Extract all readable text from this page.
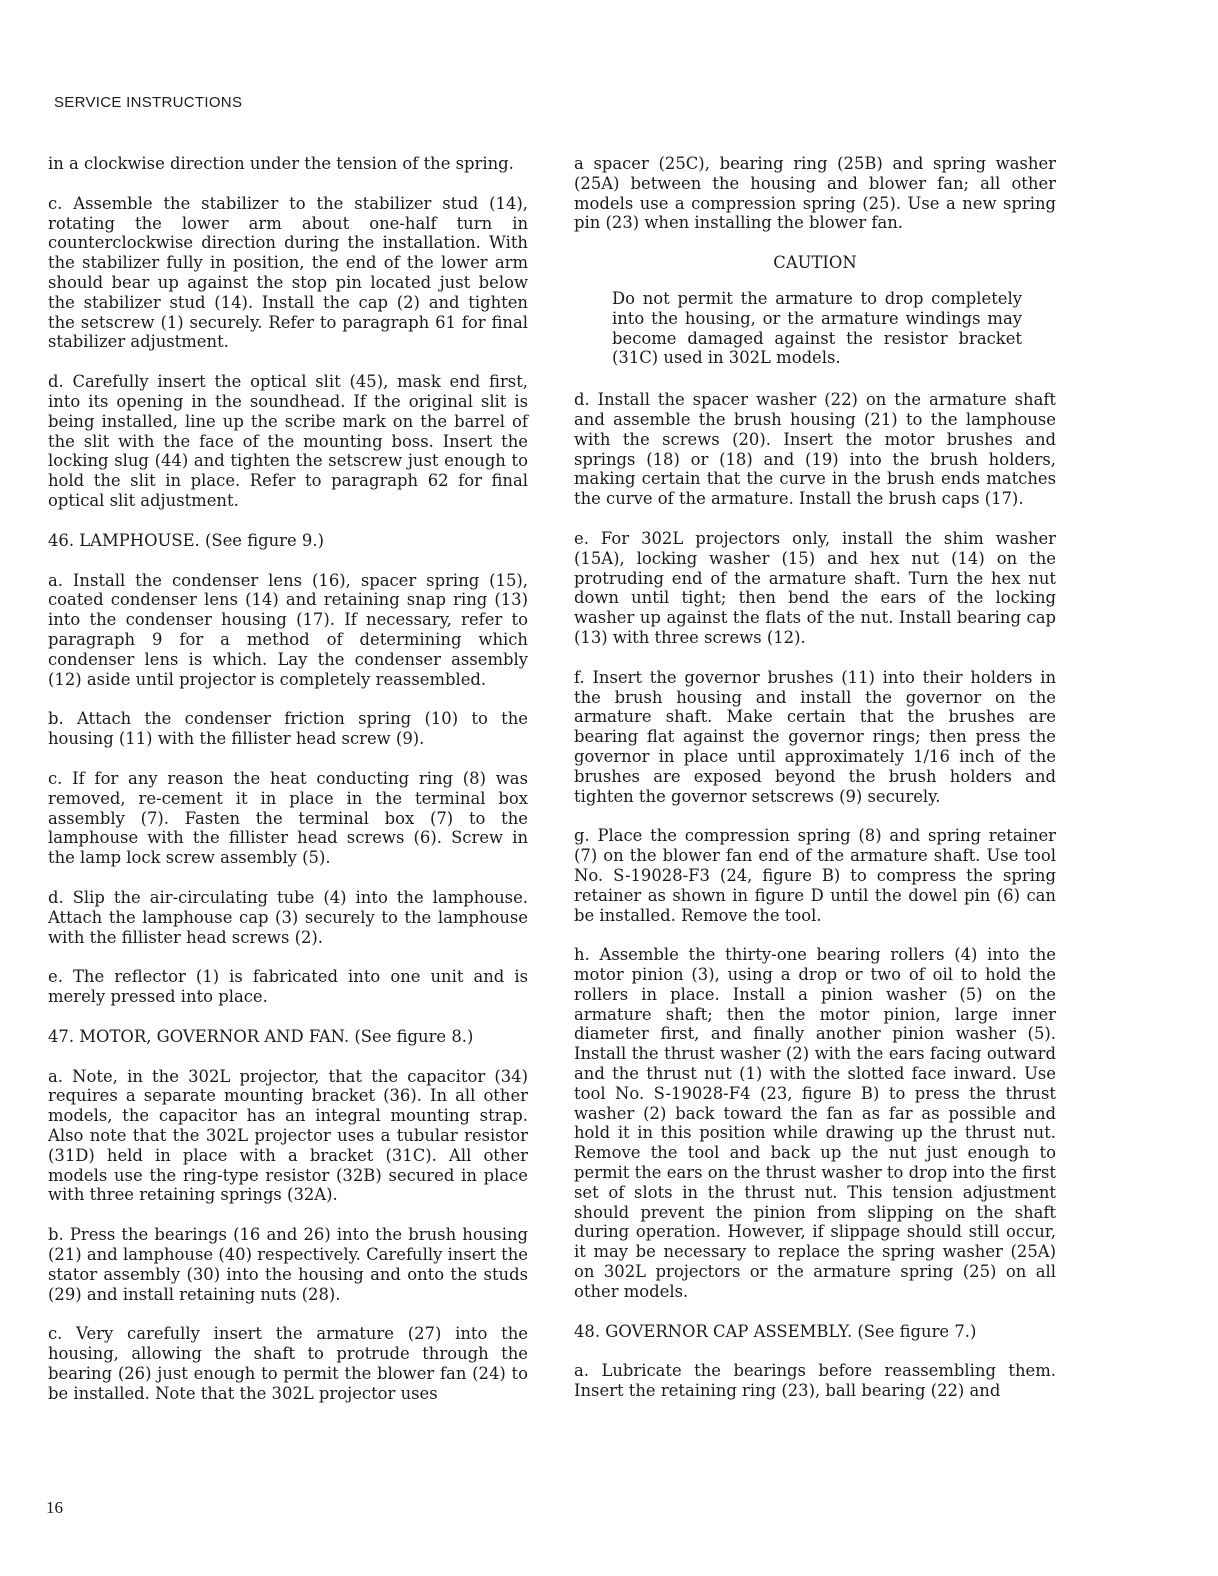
SERVICE INSTRUCTIONS

in a clockwise direction under the tension of the spring.

c. Assemble the stabilizer to the stabilizer stud (14), rotating the lower arm about one-half turn in counterclockwise direction during the installation. With the stabilizer fully in position, the end of the lower arm should bear up against the stop pin located just below the stabilizer stud (14). Install the cap (2) and tighten the setscrew (1) securely. Refer to paragraph 61 for final stabilizer adjustment.

d. Carefully insert the optical slit (45), mask end first, into its opening in the soundhead. If the original slit is being installed, line up the scribe mark on the barrel of the slit with the face of the mounting boss. Insert the locking slug (44) and tighten the setscrew just enough to hold the slit in place. Refer to paragraph 62 for final optical slit adjustment.

46. LAMPHOUSE. (See figure 9.)

a. Install the condenser lens (16), spacer spring (15), coated condenser lens (14) and retaining snap ring (13) into the condenser housing (17). If necessary, refer to paragraph 9 for a method of determining which condenser lens is which. Lay the condenser assembly (12) aside until projector is completely reassembled.

b. Attach the condenser friction spring (10) to the housing (11) with the fillister head screw (9).

c. If for any reason the heat conducting ring (8) was removed, re-cement it in place in the terminal box assembly (7). Fasten the terminal box (7) to the lamphouse with the fillister head screws (6). Screw in the lamp lock screw assembly (5).

d. Slip the air-circulating tube (4) into the lamphouse. Attach the lamphouse cap (3) securely to the lamphouse with the fillister head screws (2).

e. The reflector (1) is fabricated into one unit and is merely pressed into place.

47. MOTOR, GOVERNOR AND FAN. (See figure 8.)

a. Note, in the 302L projector, that the capacitor (34) requires a separate mounting bracket (36). In all other models, the capacitor has an integral mounting strap. Also note that the 302L projector uses a tubular resistor (31D) held in place with a bracket (31C). All other models use the ring-type resistor (32B) secured in place with three retaining springs (32A).

b. Press the bearings (16 and 26) into the brush housing (21) and lamphouse (40) respectively. Carefully insert the stator assembly (30) into the housing and onto the studs (29) and install retaining nuts (28).

c. Very carefully insert the armature (27) into the housing, allowing the shaft to protrude through the bearing (26) just enough to permit the blower fan (24) to be installed. Note that the 302L projector uses

a spacer (25C), bearing ring (25B) and spring washer (25A) between the housing and blower fan; all other models use a compression spring (25). Use a new spring pin (23) when installing the blower fan.

CAUTION

Do not permit the armature to drop completely into the housing, or the armature windings may become damaged against the resistor bracket (31C) used in 302L models.

d. Install the spacer washer (22) on the armature shaft and assemble the brush housing (21) to the lamphouse with the screws (20). Insert the motor brushes and springs (18) or (18) and (19) into the brush holders, making certain that the curve in the brush ends matches the curve of the armature. Install the brush caps (17).

e. For 302L projectors only, install the shim washer (15A), locking washer (15) and hex nut (14) on the protruding end of the armature shaft. Turn the hex nut down until tight; then bend the ears of the locking washer up against the flats of the nut. Install bearing cap (13) with three screws (12).

f. Insert the governor brushes (11) into their holders in the brush housing and install the governor on the armature shaft. Make certain that the brushes are bearing flat against the governor rings; then press the governor in place until approximately 1/16 inch of the brushes are exposed beyond the brush holders and tighten the governor setscrews (9) securely.

g. Place the compression spring (8) and spring retainer (7) on the blower fan end of the armature shaft. Use tool No. S-19028-F3 (24, figure B) to compress the spring retainer as shown in figure D until the dowel pin (6) can be installed. Remove the tool.

h. Assemble the thirty-one bearing rollers (4) into the motor pinion (3), using a drop or two of oil to hold the rollers in place. Install a pinion washer (5) on the armature shaft; then the motor pinion, large inner diameter first, and finally another pinion washer (5). Install the thrust washer (2) with the ears facing outward and the thrust nut (1) with the slotted face inward. Use tool No. S-19028-F4 (23, figure B) to press the thrust washer (2) back toward the fan as far as possible and hold it in this position while drawing up the thrust nut. Remove the tool and back up the nut just enough to permit the ears on the thrust washer to drop into the first set of slots in the thrust nut. This tension adjustment should prevent the pinion from slipping on the shaft during operation. However, if slippage should still occur, it may be necessary to replace the spring washer (25A) on 302L projectors or the armature spring (25) on all other models.

48. GOVERNOR CAP ASSEMBLY. (See figure 7.)

a. Lubricate the bearings before reassembling them. Insert the retaining ring (23), ball bearing (22) and

16
